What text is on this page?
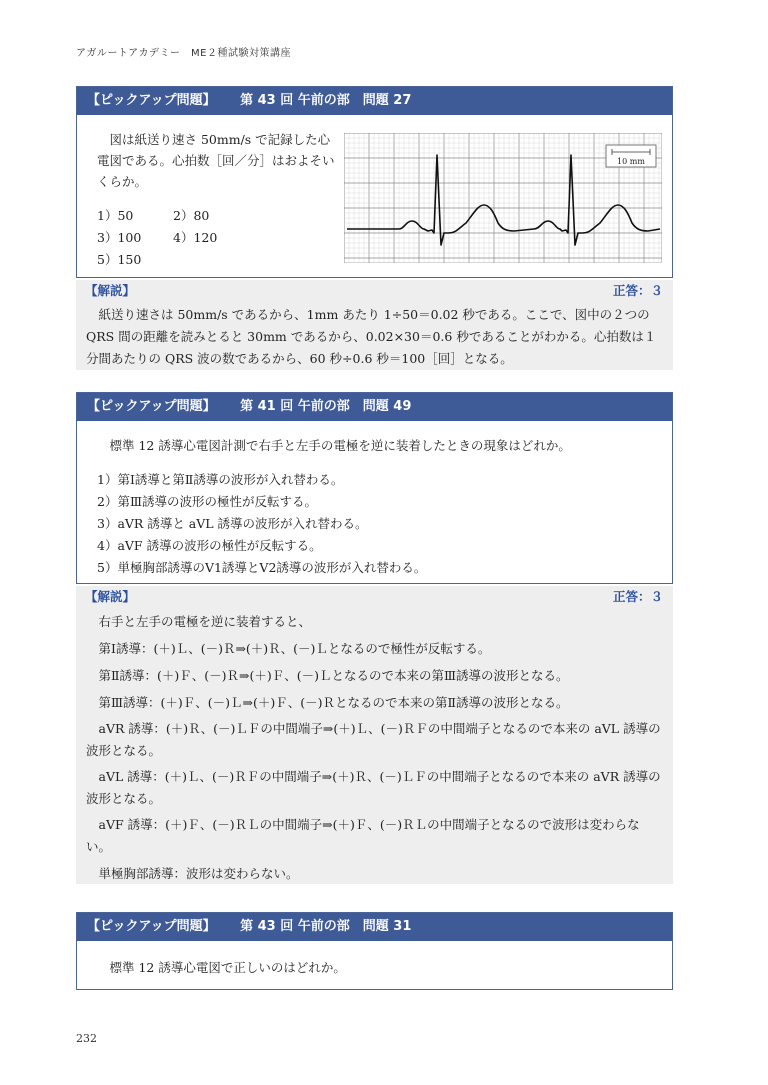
アガルートアカデミー　ME２種試験対策講座
【ピックアップ問題】 第 43 回 午前の部　問題 27
図は紙送り速さ 50mm/s で記録した心電図である。心拍数［回／分］はおよそいくらか。
1）50	2）80
3）100	4）120
5）150
10 mm
【解説】	正答：３

紙送り速さは 50mm/s であるから、1mm あたり 1÷50＝0.02 秒である。ここで、図中の２つの QRS 間の距離を読みとると 30mm であるから、0.02×30＝0.6 秒であることがわかる。心拍数は１分間あたりの QRS 波の数であるから、60 秒÷0.6 秒＝100［回］となる。

【ピックアップ問題】 第 41 回 午前の部　問題 49
標準 12 誘導心電図計測で右手と左手の電極を逆に装着したときの現象はどれか。
1）第Ⅰ誘導と第Ⅱ誘導の波形が入れ替わる。
2）第Ⅲ誘導の波形の極性が反転する。
3）aVR 誘導と aVL 誘導の波形が入れ替わる。
4）aVF 誘導の波形の極性が反転する。
5）単極胸部誘導のV1誘導とV2誘導の波形が入れ替わる。
【解説】	正答：３

右手と左手の電極を逆に装着すると、

第Ⅰ誘導：(＋)Ｌ、(－)Ｒ⇒(＋)Ｒ、(－)Ｌとなるので極性が反転する。

第Ⅱ誘導：(＋)Ｆ、(－)Ｒ⇒(＋)Ｆ、(－)Ｌとなるので本来の第Ⅲ誘導の波形となる。

第Ⅲ誘導：(＋)Ｆ、(－)Ｌ⇒(＋)Ｆ、(－)Ｒとなるので本来の第Ⅱ誘導の波形となる。

aVR 誘導：(＋)Ｒ、(－)ＬＦの中間端子⇒(＋)Ｌ、(－)ＲＦの中間端子となるので本来の aVL 誘導の波形となる。

aVL 誘導：(＋)Ｌ、(－)ＲＦの中間端子⇒(＋)Ｒ、(－)ＬＦの中間端子となるので本来の aVR 誘導の波形となる。

aVF 誘導：(＋)Ｆ、(－)ＲＬの中間端子⇒(＋)Ｆ、(－)ＲＬの中間端子となるので波形は変わらない。

単極胸部誘導：波形は変わらない。

【ピックアップ問題】 第 43 回 午前の部　問題 31
標準 12 誘導心電図で正しいのはどれか。
232
